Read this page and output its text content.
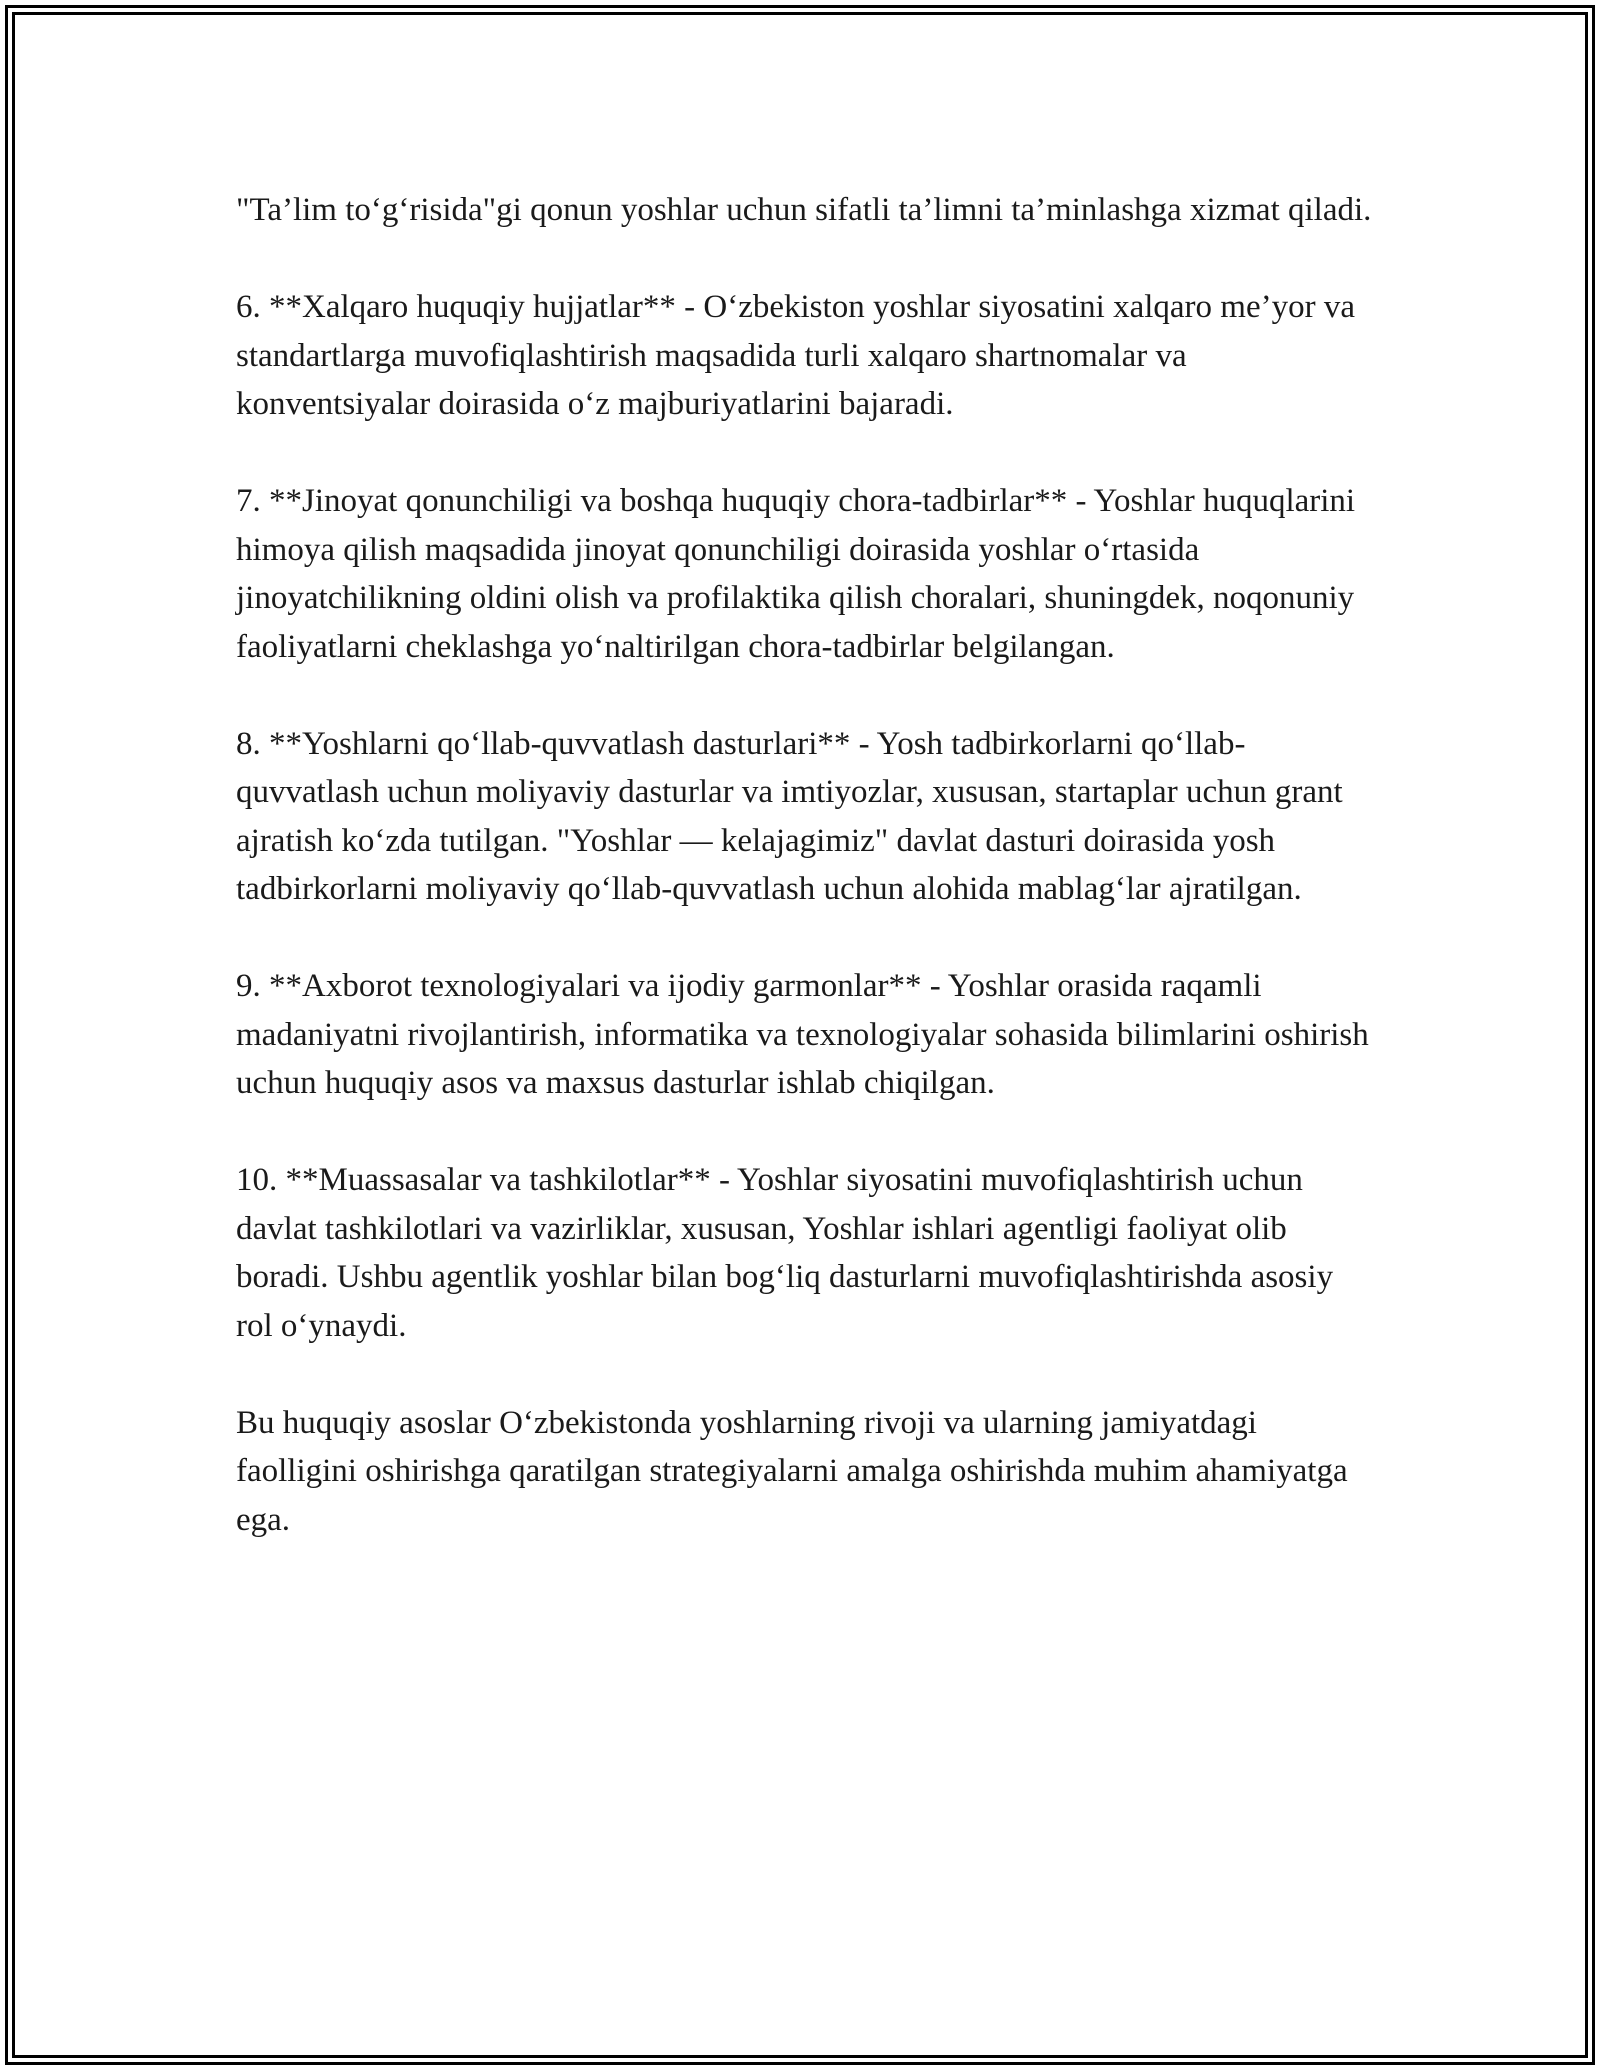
"Ta’lim to‘g‘risida"gi qonun yoshlar uchun sifatli ta’limni ta’minlashga xizmat qiladi.

6. **Xalqaro huquqiy hujjatlar** - O‘zbekiston yoshlar siyosatini xalqaro me’yor va standartlarga muvofiqlashtirish maqsadida turli xalqaro shartnomalar va konventsiyalar doirasida o‘z majburiyatlarini bajaradi.

7. **Jinoyat qonunchiligi va boshqa huquqiy chora-tadbirlar** - Yoshlar huquqlarini himoya qilish maqsadida jinoyat qonunchiligi doirasida yoshlar o‘rtasida jinoyatchilikning oldini olish va profilaktika qilish choralari, shuningdek, noqonuniy faoliyatlarni cheklashga yo‘naltirilgan chora-tadbirlar belgilangan.

8. **Yoshlarni qo‘llab-quvvatlash dasturlari** - Yosh tadbirkorlarni qo‘llab-quvvatlash uchun moliyaviy dasturlar va imtiyozlar, xususan, startaplar uchun grant ajratish ko‘zda tutilgan. "Yoshlar — kelajagimiz" davlat dasturi doirasida yosh tadbirkorlarni moliyaviy qo‘llab-quvvatlash uchun alohida mablag‘lar ajratilgan.

9. **Axborot texnologiyalari va ijodiy garmonlar** - Yoshlar orasida raqamli madaniyatni rivojlantirish, informatika va texnologiyalar sohasida bilimlarini oshirish uchun huquqiy asos va maxsus dasturlar ishlab chiqilgan.

10. **Muassasalar va tashkilotlar** - Yoshlar siyosatini muvofiqlashtirish uchun davlat tashkilotlari va vazirliklar, xususan, Yoshlar ishlari agentligi faoliyat olib boradi. Ushbu agentlik yoshlar bilan bog‘liq dasturlarni muvofiqlashtirishda asosiy rol o‘ynaydi.

Bu huquqiy asoslar O‘zbekistonda yoshlarning rivoji va ularning jamiyatdagi faolligini oshirishga qaratilgan strategiyalarni amalga oshirishda muhim ahamiyatga ega.
